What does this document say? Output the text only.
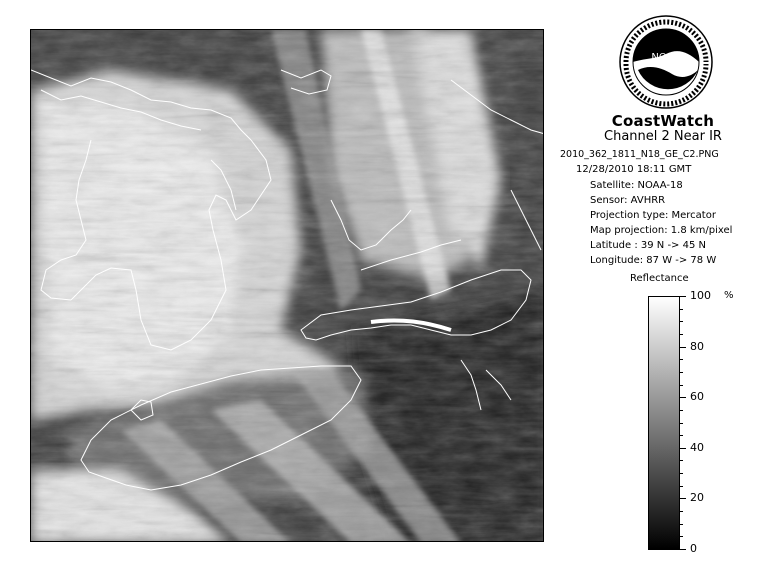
NOAA
CoastWatch
Channel 2 Near IR
2010_362_1811_N18_GE_C2.PNG
12/28/2010 18:11 GMT
Satellite: NOAA-18
Sensor: AVHRR
Projection type: Mercator
Map projection: 1.8 km/pixel
Latitude : 39 N -> 45 N
Longitude: 87 W -> 78 W
Reflectance
%
100
80
60
40
20
0
